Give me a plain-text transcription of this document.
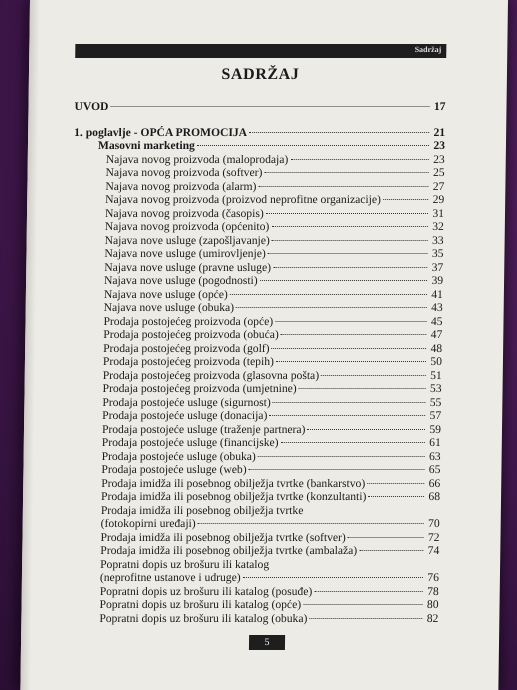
Sadržaj
SADRŽAJ
UVOD	17
1. poglavlje - OPĆA PROMOCIJA	21
Masovni marketing	23
Najava novog proizvoda (maloprodaja)	23
Najava novog proizvoda (softver)	25
Najava novog proizvoda (alarm)	27
Najava novog proizvoda (proizvod neprofitne organizacije)	29
Najava novog proizvoda (časopis)	31
Najava novog proizvoda (općenito)	32
Najava nove usluge (zapošljavanje)	33
Najava nove usluge (umirovljenje)	35
Najava nove usluge (pravne usluge)	37
Najava nove usluge (pogodnosti)	39
Najava nove usluge (opće)	41
Najava nove usluge (obuka)	43
Prodaja postojećeg proizvoda (opće)	45
Prodaja postojećeg proizvoda (obuća)	47
Prodaja postojećeg proizvoda (golf)	48
Prodaja postojećeg proizvoda (tepih)	50
Prodaja postojećeg proizvoda (glasovna pošta)	51
Prodaja postojećeg proizvoda (umjetnine)	53
Prodaja postojeće usluge (sigurnost)	55
Prodaja postojeće usluge (donacija)	57
Prodaja postojeće usluge (traženje partnera)	59
Prodaja postojeće usluge (financijske)	61
Prodaja postojeće usluge (obuka)	63
Prodaja postojeće usluge (web)	65
Prodaja imidža ili posebnog obilježja tvrtke (bankarstvo)	66
Prodaja imidža ili posebnog obilježja tvrtke (konzultanti)	68
Prodaja imidža ili posebnog obilježja tvrtke
(fotokopirni uređaji)	70
Prodaja imidža ili posebnog obilježja tvrtke (softver)	72
Prodaja imidža ili posebnog obilježja tvrtke (ambalaža)	74
Popratni dopis uz brošuru ili katalog
(neprofitne ustanove i udruge)	76
Popratni dopis uz brošuru ili katalog (posuđe)	78
Popratni dopis uz brošuru ili katalog (opće)	80
Popratni dopis uz brošuru ili katalog (obuka)	82
5
